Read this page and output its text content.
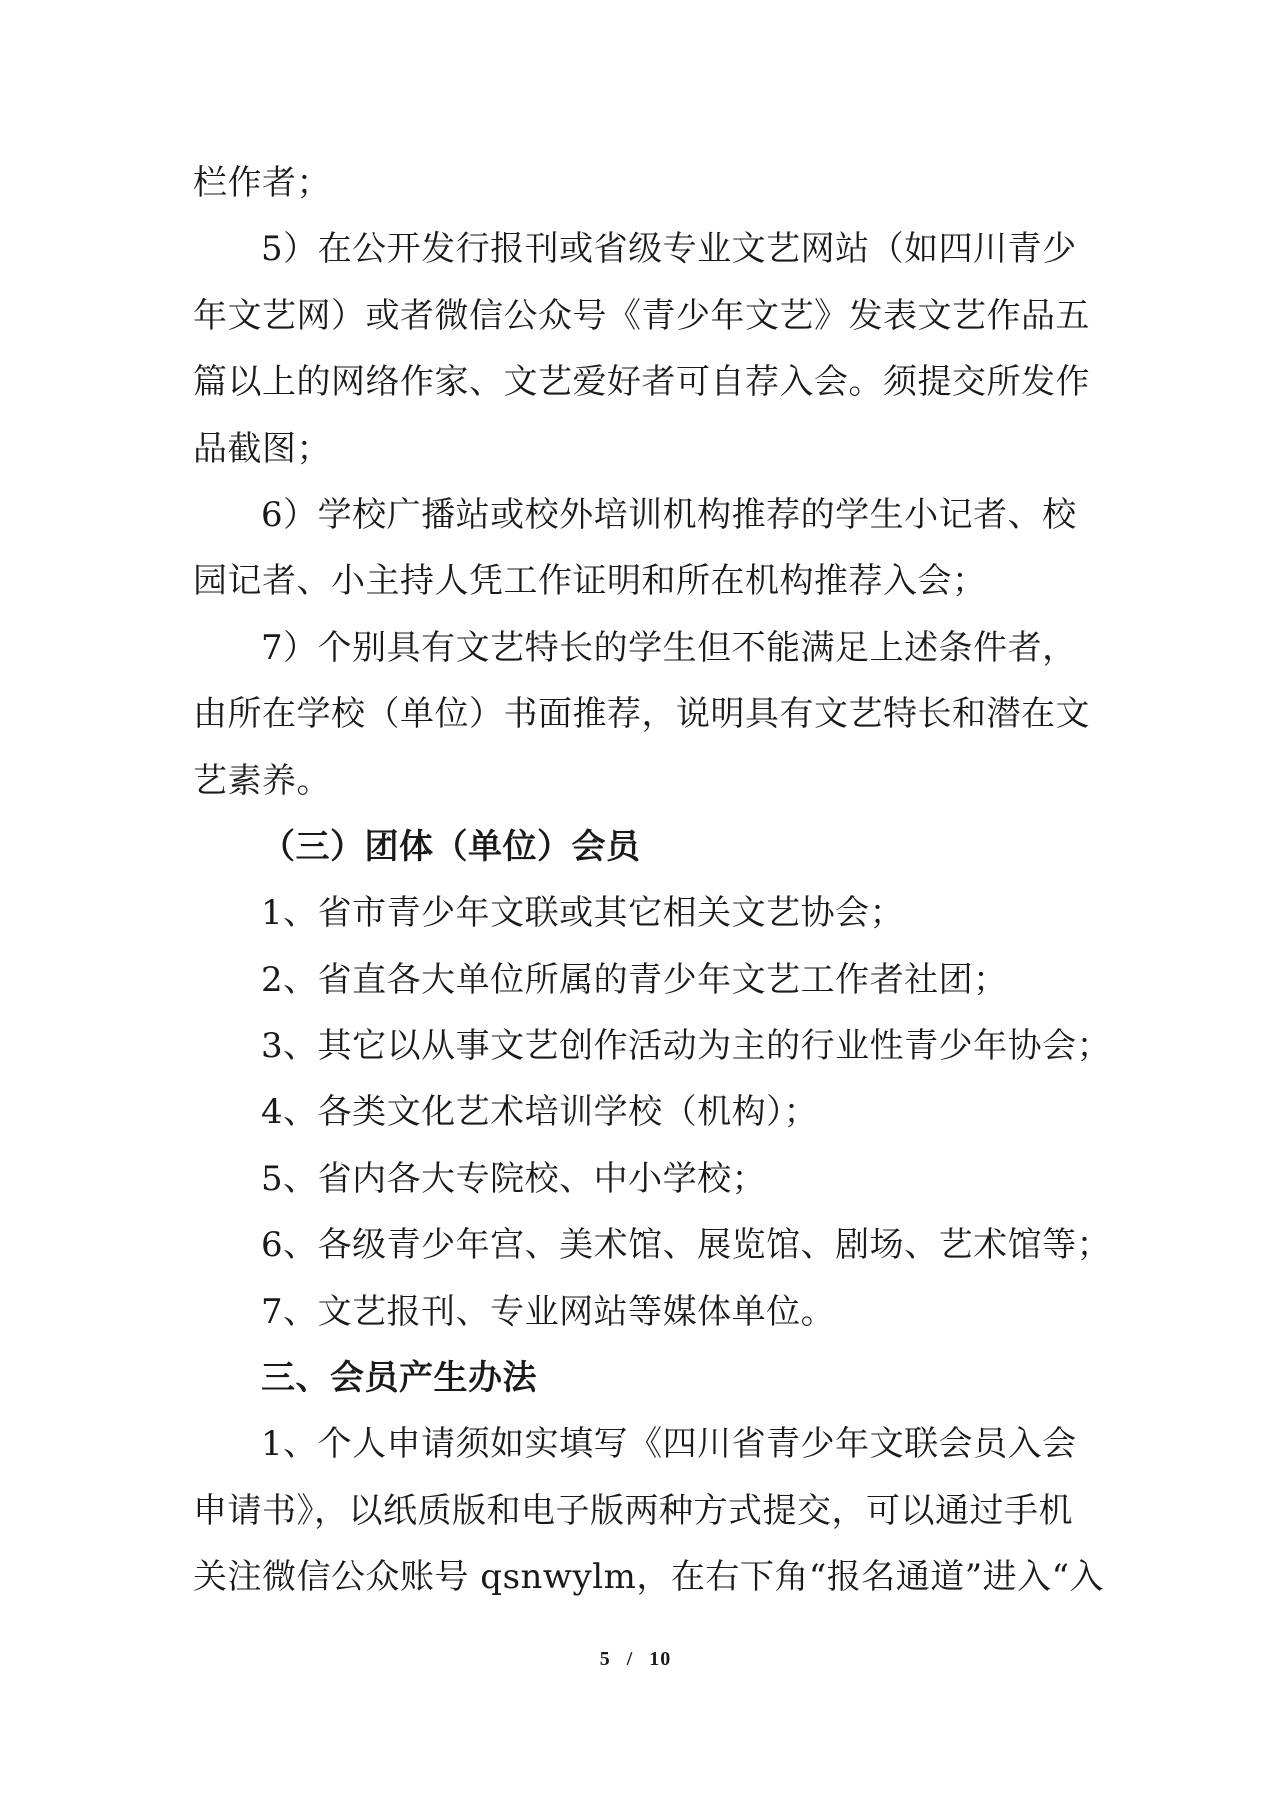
栏作者；
5）在公开发行报刊或省级专业文艺网站（如四川青少
年文艺网）或者微信公众号《青少年文艺》发表文艺作品五
篇以上的网络作家、文艺爱好者可自荐入会。须提交所发作
品截图；
6）学校广播站或校外培训机构推荐的学生小记者、校
园记者、小主持人凭工作证明和所在机构推荐入会；
7）个别具有文艺特长的学生但不能满足上述条件者，
由所在学校（单位）书面推荐，说明具有文艺特长和潜在文
艺素养。
（三）团体（单位）会员
1、省市青少年文联或其它相关文艺协会；
2、省直各大单位所属的青少年文艺工作者社团；
3、其它以从事文艺创作活动为主的行业性青少年协会；
4、各类文化艺术培训学校（机构）；
5、省内各大专院校、中小学校；
6、各级青少年宫、美术馆、展览馆、剧场、艺术馆等；
7、文艺报刊、专业网站等媒体单位。
三、会员产生办法
1、个人申请须如实填写《四川省青少年文联会员入会
申请书》，以纸质版和电子版两种方式提交，可以通过手机
关注微信公众账号 qsnwylm，在右下角“报名通道”进入“入
5 / 10
